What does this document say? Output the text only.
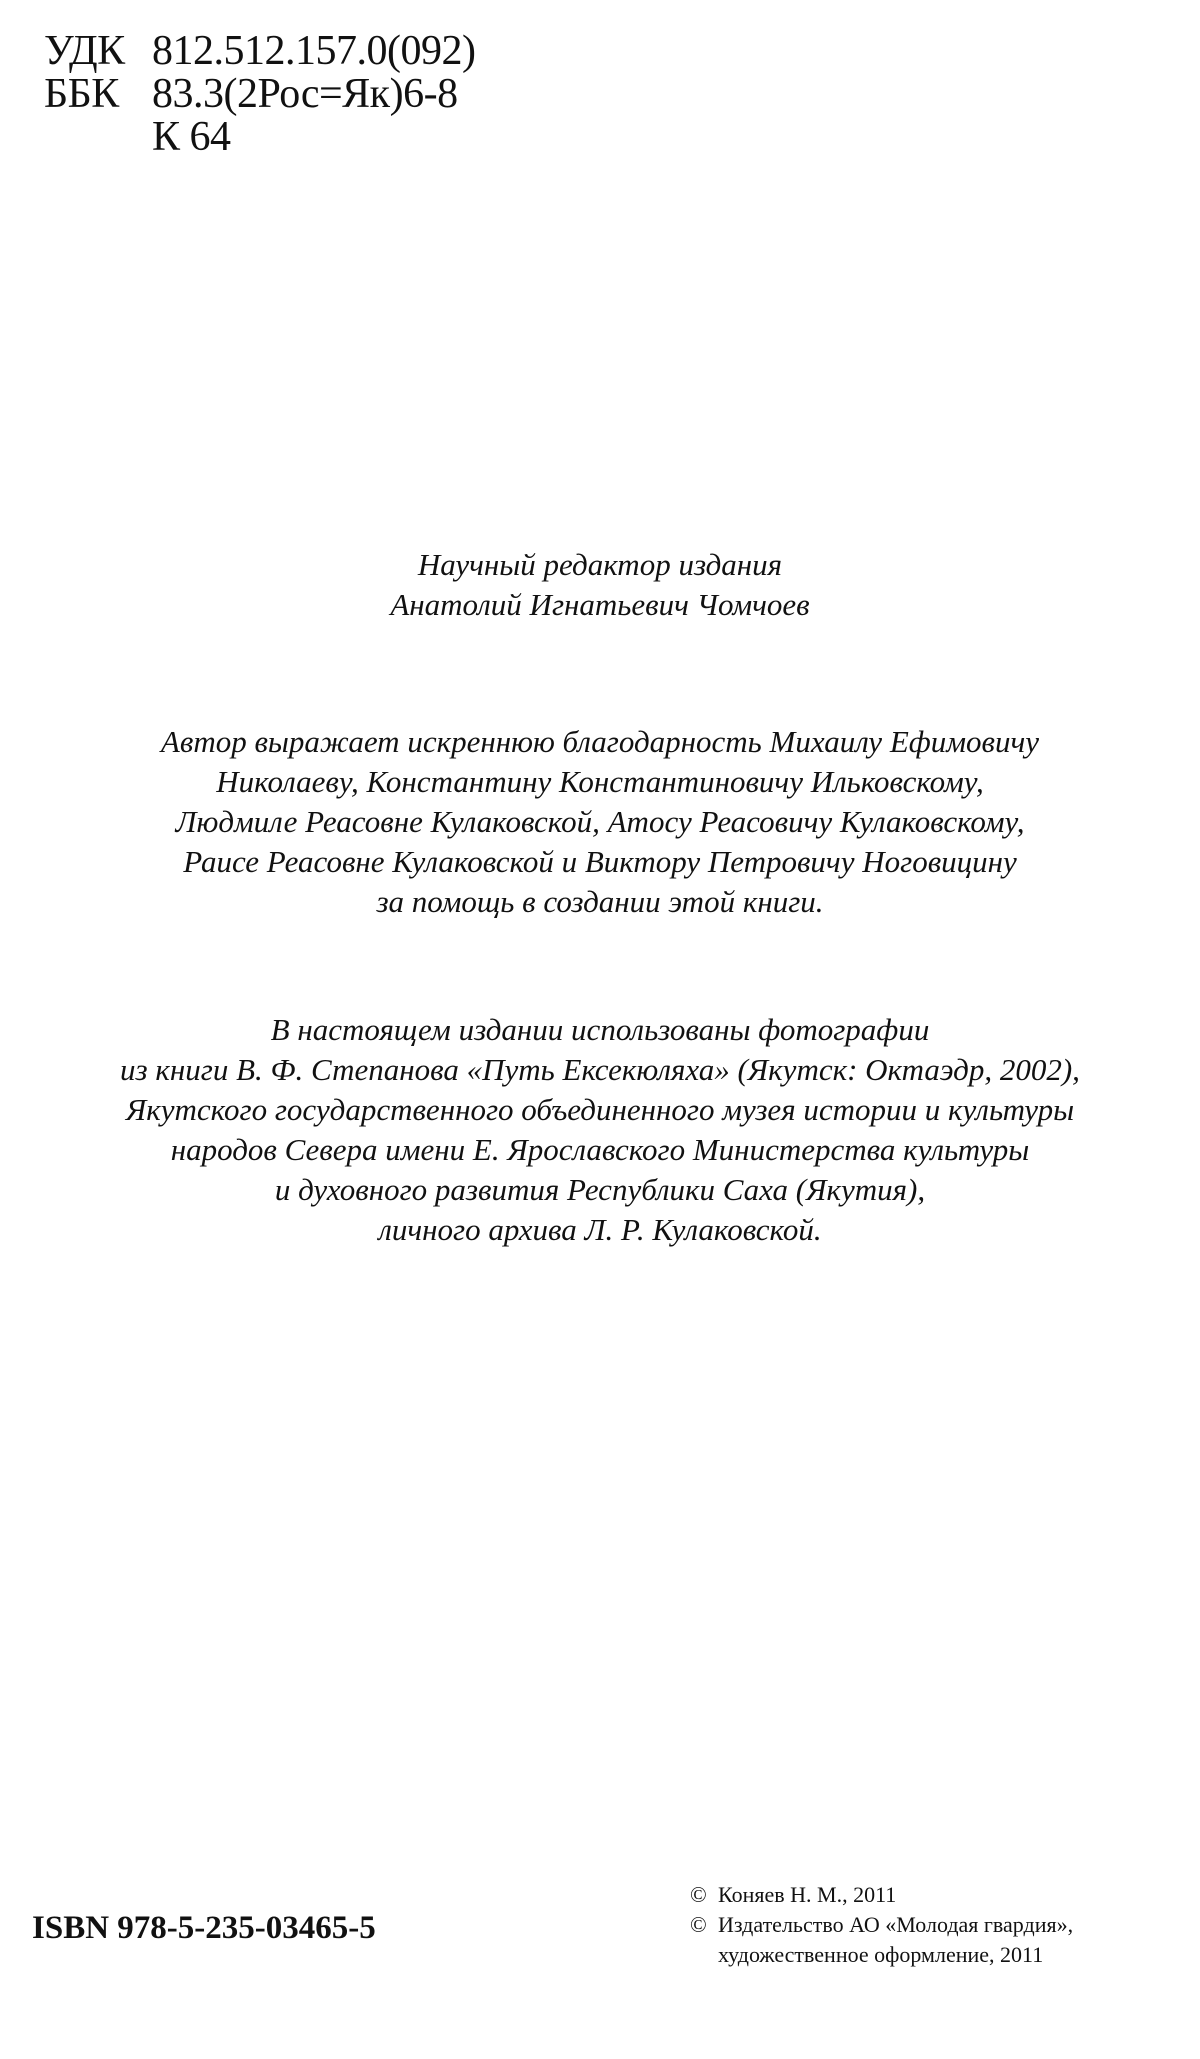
УДК 812.512.157.0(092)
ББК 83.3(2Рос=Як)6-8
К 64
Научный редактор издания
Анатолий Игнатьевич Чомчоев
Автор выражает искреннюю благодарность Михаилу Ефимовичу
Николаеву, Константину Константиновичу Ильковскому,
Людмиле Реасовне Кулаковской, Атосу Реасовичу Кулаковскому,
Раисе Реасовне Кулаковской и Виктору Петровичу Ноговицину
за помощь в создании этой книги.
В настоящем издании использованы фотографии
из книги В. Ф. Степанова «Путь Ексекюляха» (Якутск: Октаэдр, 2002),
Якутского государственного объединенного музея истории и культуры
народов Севера имени Е. Ярославского Министерства культуры
и духовного развития Республики Саха (Якутия),
личного архива Л. Р. Кулаковской.
ISBN 978-5-235-03465-5
© Коняев Н. М., 2011
© Издательство АО «Молодая гвардия»,
художественное оформление, 2011
